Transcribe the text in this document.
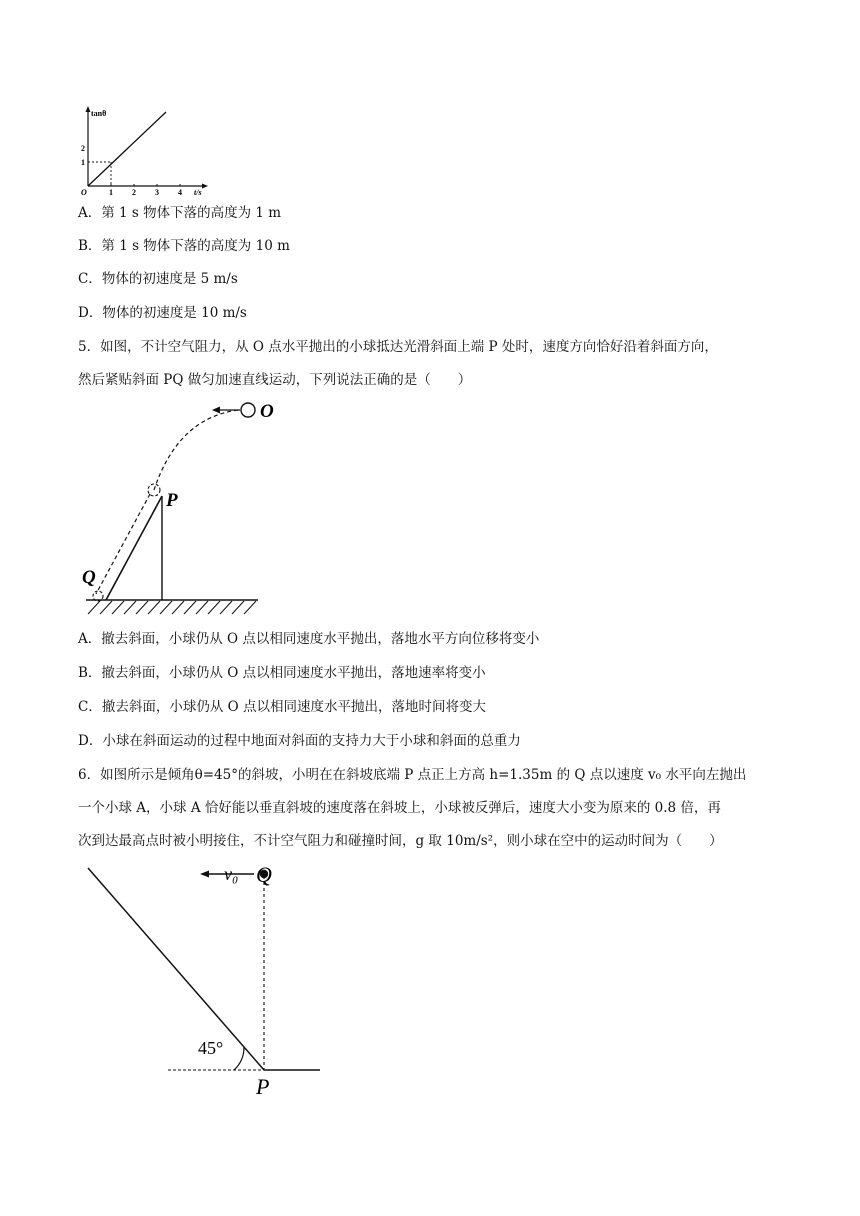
tanθ
t/s
O	1 2 3 4
1
2
A．第 1 s 物体下落的高度为 1 m
B．第 1 s 物体下落的高度为 10 m
C．物体的初速度是 5 m/s
D．物体的初速度是 10 m/s
5．如图，不计空气阻力，从 O 点水平抛出的小球抵达光滑斜面上端 P 处时，速度方向恰好沿着斜面方向，
然后紧贴斜面 PQ 做匀加速直线运动，下列说法正确的是（　　）
O
P
Q
A．撤去斜面，小球仍从 O 点以相同速度水平抛出，落地水平方向位移将变小
B．撤去斜面，小球仍从 O 点以相同速度水平抛出，落地速率将变小
C．撤去斜面，小球仍从 O 点以相同速度水平抛出，落地时间将变大
D．小球在斜面运动的过程中地面对斜面的支持力大于小球和斜面的总重力
6．如图所示是倾角θ=45°的斜坡，小明在在斜坡底端 P 点正上方高 h=1.35m 的 Q 点以速度 v₀ 水平向左抛出
一个小球 A，小球 A 恰好能以垂直斜坡的速度落在斜坡上，小球被反弹后，速度大小变为原来的 0.8 倍，再
次到达最高点时被小明接住，不计空气阻力和碰撞时间，g 取 10m/s²，则小球在空中的运动时间为（　　）
v₀ Q
45°
P
